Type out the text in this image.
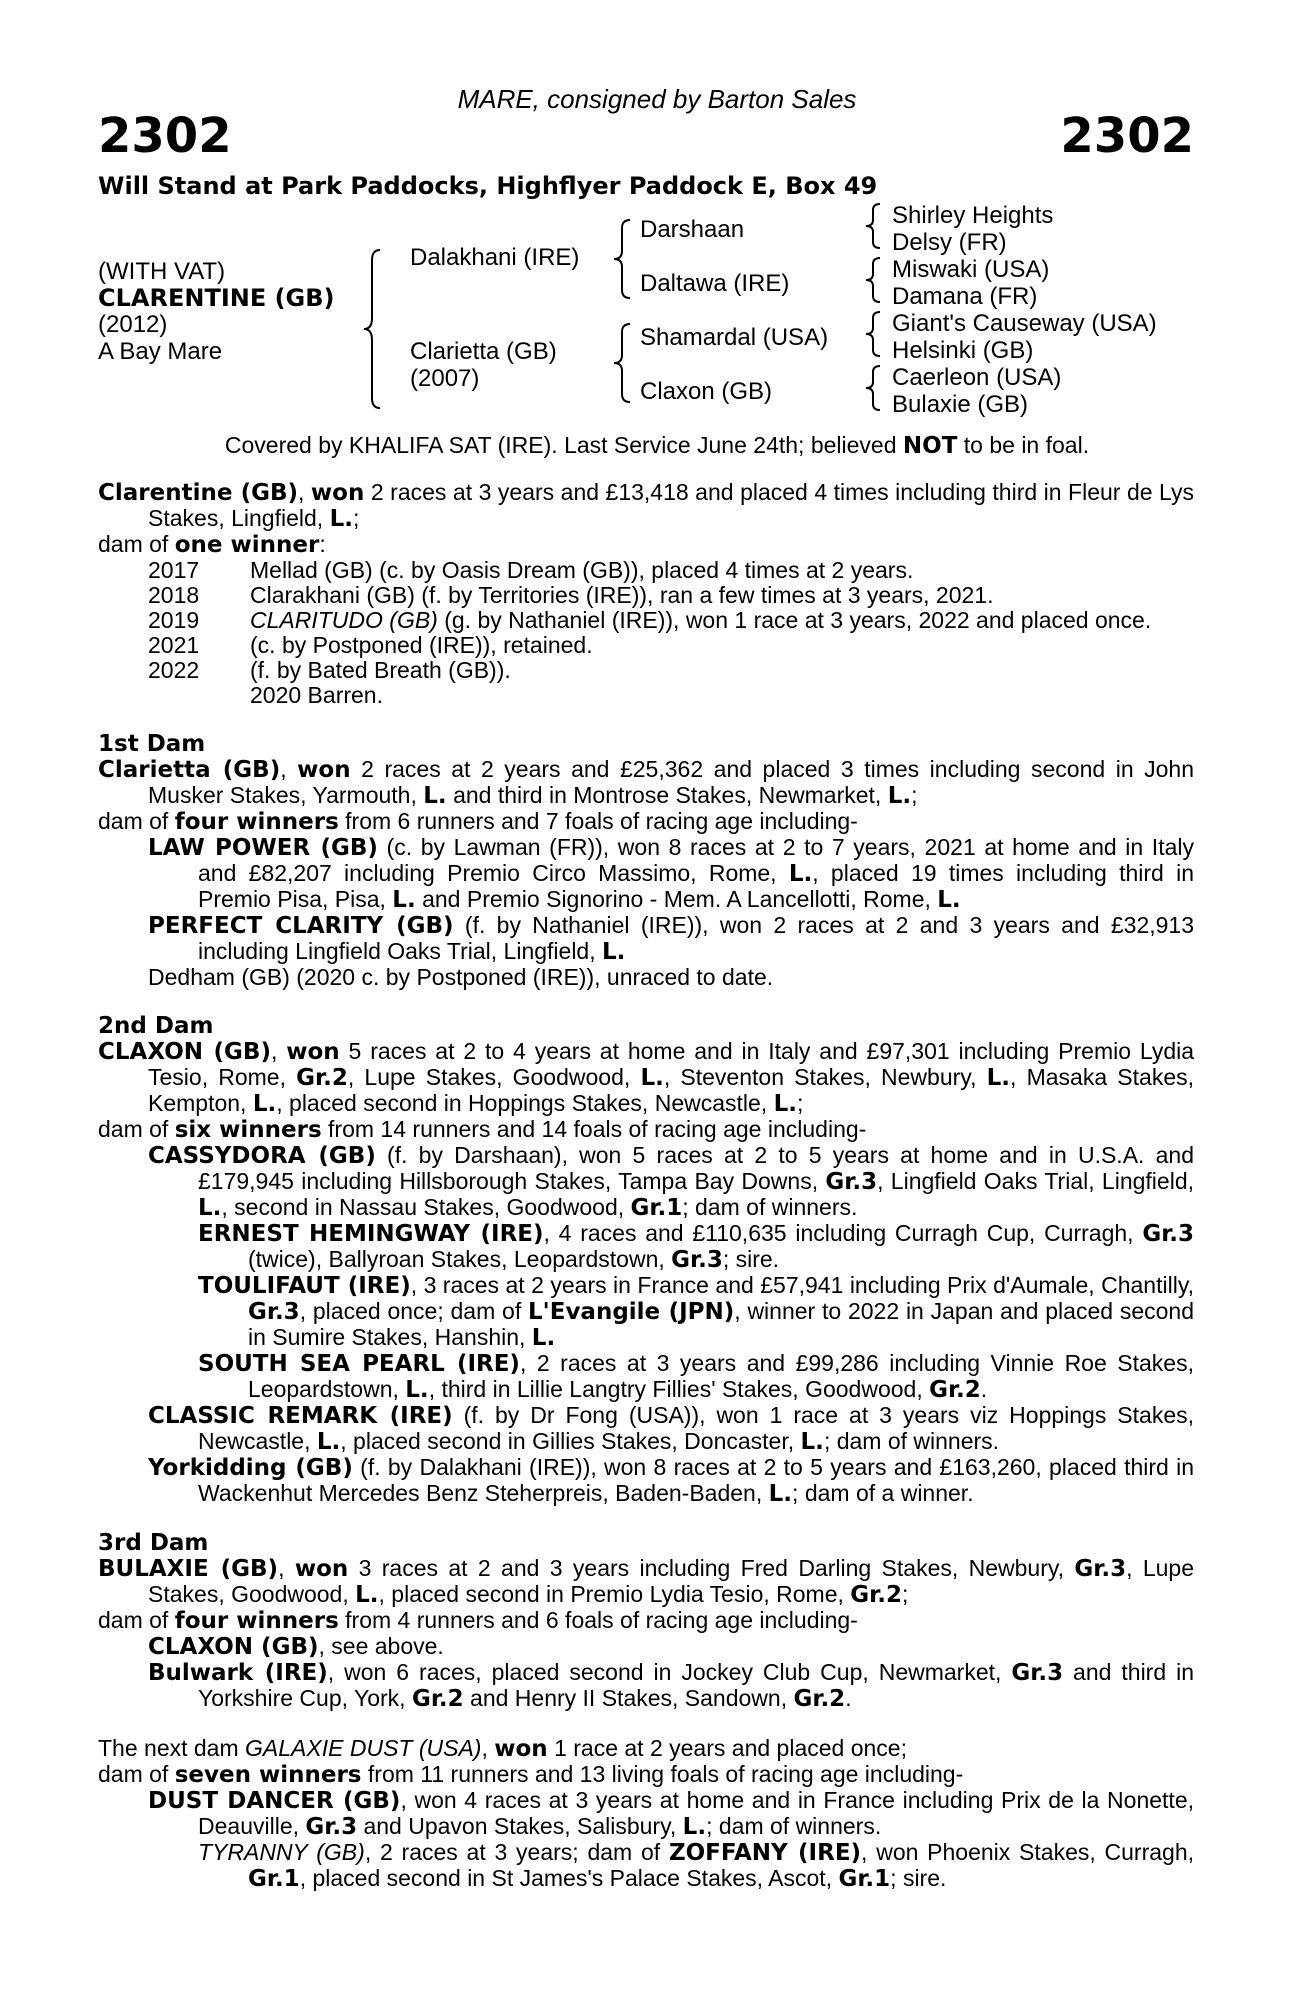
MARE, consigned by Barton Sales
2302	2302
Will Stand at Park Paddocks, Highflyer Paddock E, Box 49
(WITH VAT)
CLARENTINE (GB)
(2012)
A Bay Mare
Dalakhani (IRE)
Clarietta (GB)
(2007)
Darshaan
Daltawa (IRE)
Shamardal (USA)
Claxon (GB)
Shirley Heights
Delsy (FR)
Miswaki (USA)
Damana (FR)
Giant's Causeway (USA)
Helsinki (GB)
Caerleon (USA)
Bulaxie (GB)
Covered by KHALIFA SAT (IRE). Last Service June 24th; believed NOT to be in foal.

Clarentine (GB), won 2 races at 3 years and £13,418 and placed 4 times including third in Fleur de Lys Stakes, Lingfield, L.;

dam of one winner:

2017	Mellad (GB) (c. by Oasis Dream (GB)), placed 4 times at 2 years.
2018	Clarakhani (GB) (f. by Territories (IRE)), ran a few times at 3 years, 2021.
2019	CLARITUDO (GB) (g. by Nathaniel (IRE)), won 1 race at 3 years, 2022 and placed once.
2021	(c. by Postponed (IRE)), retained.
2022	(f. by Bated Breath (GB)).
2020 Barren.

1st Dam

Clarietta (GB), won 2 races at 2 years and £25,362 and placed 3 times including second in John Musker Stakes, Yarmouth, L. and third in Montrose Stakes, Newmarket, L.;

dam of four winners from 6 runners and 7 foals of racing age including-

LAW POWER (GB) (c. by Lawman (FR)), won 8 races at 2 to 7 years, 2021 at home and in Italy and £82,207 including Premio Circo Massimo, Rome, L., placed 19 times including third in Premio Pisa, Pisa, L. and Premio Signorino - Mem. A Lancellotti, Rome, L.

PERFECT CLARITY (GB) (f. by Nathaniel (IRE)), won 2 races at 2 and 3 years and £32,913 including Lingfield Oaks Trial, Lingfield, L.

Dedham (GB) (2020 c. by Postponed (IRE)), unraced to date.

2nd Dam

CLAXON (GB), won 5 races at 2 to 4 years at home and in Italy and £97,301 including Premio Lydia Tesio, Rome, Gr.2, Lupe Stakes, Goodwood, L., Steventon Stakes, Newbury, L., Masaka Stakes, Kempton, L., placed second in Hoppings Stakes, Newcastle, L.;

dam of six winners from 14 runners and 14 foals of racing age including-

CASSYDORA (GB) (f. by Darshaan), won 5 races at 2 to 5 years at home and in U.S.A. and £179,945 including Hillsborough Stakes, Tampa Bay Downs, Gr.3, Lingfield Oaks Trial, Lingfield, L., second in Nassau Stakes, Goodwood, Gr.1; dam of winners.

ERNEST HEMINGWAY (IRE), 4 races and £110,635 including Curragh Cup, Curragh, Gr.3 (twice), Ballyroan Stakes, Leopardstown, Gr.3; sire.

TOULIFAUT (IRE), 3 races at 2 years in France and £57,941 including Prix d'Aumale, Chantilly, Gr.3, placed once; dam of L'Evangile (JPN), winner to 2022 in Japan and placed second in Sumire Stakes, Hanshin, L.

SOUTH SEA PEARL (IRE), 2 races at 3 years and £99,286 including Vinnie Roe Stakes, Leopardstown, L., third in Lillie Langtry Fillies' Stakes, Goodwood, Gr.2.

CLASSIC REMARK (IRE) (f. by Dr Fong (USA)), won 1 race at 3 years viz Hoppings Stakes, Newcastle, L., placed second in Gillies Stakes, Doncaster, L.; dam of winners.

Yorkidding (GB) (f. by Dalakhani (IRE)), won 8 races at 2 to 5 years and £163,260, placed third in Wackenhut Mercedes Benz Steherpreis, Baden-Baden, L.; dam of a winner.

3rd Dam

BULAXIE (GB), won 3 races at 2 and 3 years including Fred Darling Stakes, Newbury, Gr.3, Lupe Stakes, Goodwood, L., placed second in Premio Lydia Tesio, Rome, Gr.2;

dam of four winners from 4 runners and 6 foals of racing age including-

CLAXON (GB), see above.

Bulwark (IRE), won 6 races, placed second in Jockey Club Cup, Newmarket, Gr.3 and third in Yorkshire Cup, York, Gr.2 and Henry II Stakes, Sandown, Gr.2.

The next dam GALAXIE DUST (USA), won 1 race at 2 years and placed once;

dam of seven winners from 11 runners and 13 living foals of racing age including-

DUST DANCER (GB), won 4 races at 3 years at home and in France including Prix de la Nonette, Deauville, Gr.3 and Upavon Stakes, Salisbury, L.; dam of winners.

TYRANNY (GB), 2 races at 3 years; dam of ZOFFANY (IRE), won Phoenix Stakes, Curragh, Gr.1, placed second in St James's Palace Stakes, Ascot, Gr.1; sire.
